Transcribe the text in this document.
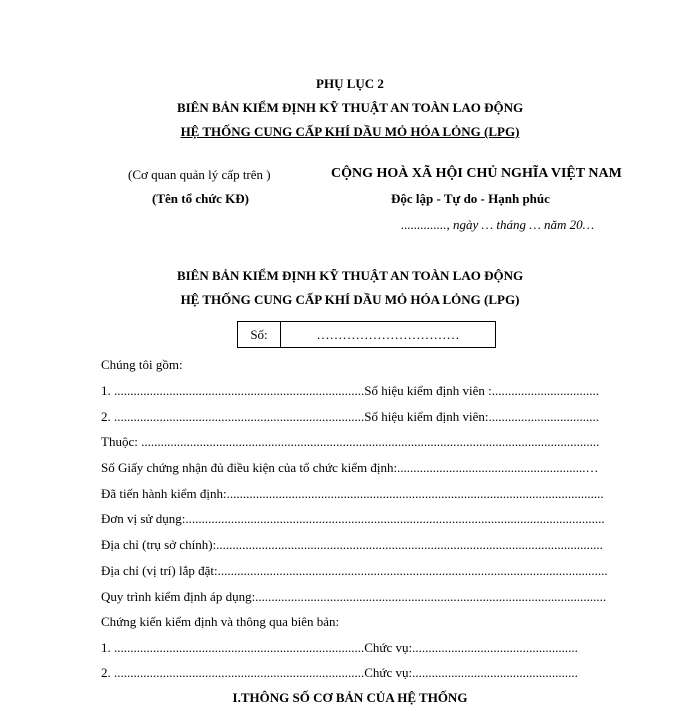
PHỤ LỤC 2
BIÊN BẢN KIỂM ĐỊNH KỸ THUẬT AN TOÀN LAO ĐỘNG
HỆ THỐNG CUNG CẤP KHÍ DẦU MỎ HÓA LỎNG (LPG)
(Cơ quan quản lý cấp trên )
(Tên tổ chức KĐ)
CỘNG HOÀ XÃ HỘI CHỦ NGHĨA VIỆT NAM
Độc lập - Tự do - Hạnh phúc
.............., ngày … tháng … năm 20…
BIÊN BẢN KIỂM ĐỊNH KỸ THUẬT AN TOÀN LAO ĐỘNG
HỆ THỐNG CUNG CẤP KHÍ DẦU MỎ HÓA LỎNG (LPG)
Số:	……………………………
Chúng tôi gồm:
1. .............................................................................Số hiệu kiểm định viên :.................................
2. .............................................................................Số hiệu kiểm định viên:..................................
Thuộc: .............................................................................................................................................
Số Giấy chứng nhận đủ điều kiện của tổ chức kiểm định:..........................................................…
Đã tiến hành kiểm định:....................................................................................................................
Đơn vị sử dụng:.................................................................................................................................
Địa chỉ (trụ sở chính):.......................................................................................................................
Địa chỉ (vị trí) lắp đặt:........................................................................................................................
Quy trình kiểm định áp dụng:............................................................................................................
Chứng kiến kiểm định và thông qua biên bản:
1. .............................................................................Chức vụ:...................................................
2. .............................................................................Chức vụ:...................................................
I.THÔNG SỐ CƠ BẢN CỦA HỆ THỐNG
